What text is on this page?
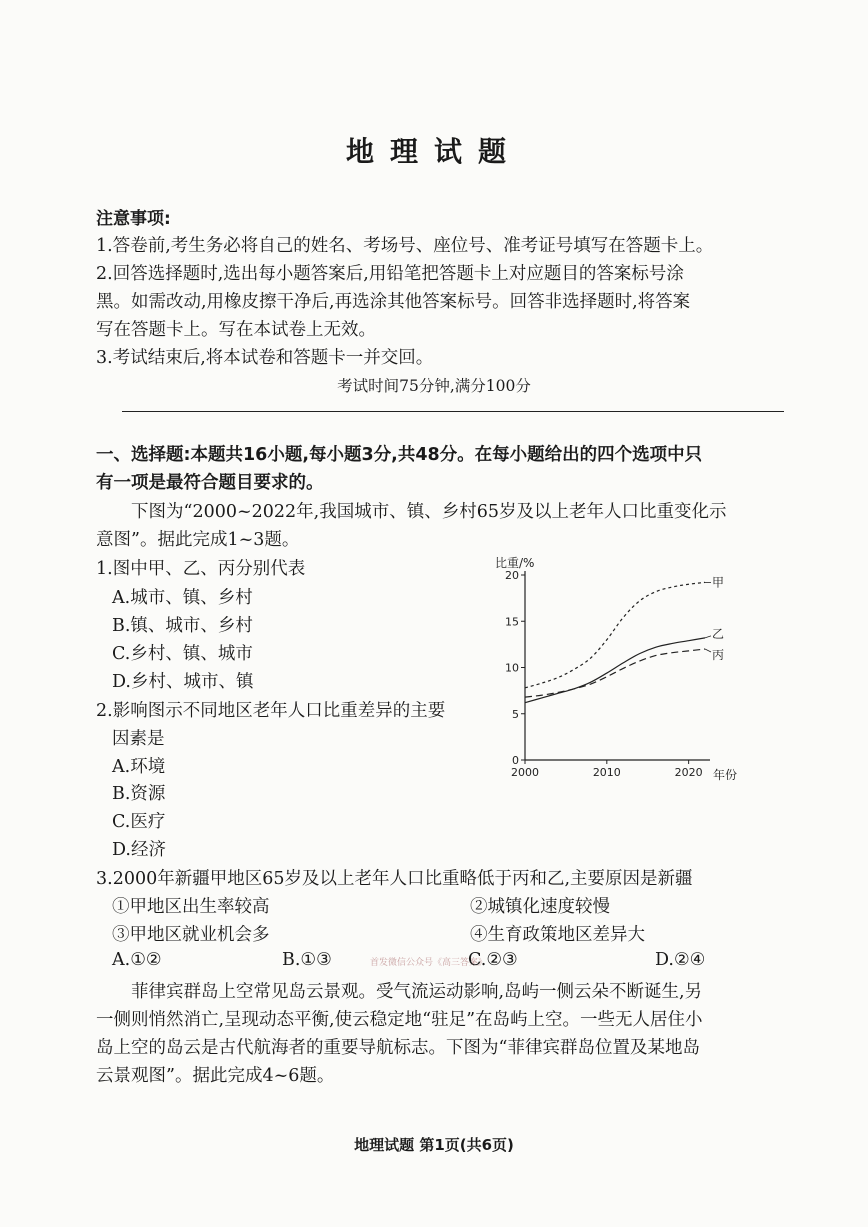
地理试题
注意事项:
1.答卷前,考生务必将自己的姓名、考场号、座位号、准考证号填写在答题卡上。
2.回答选择题时,选出每小题答案后,用铅笔把答题卡上对应题目的答案标号涂
黑。如需改动,用橡皮擦干净后,再选涂其他答案标号。回答非选择题时,将答案
写在答题卡上。写在本试卷上无效。
3.考试结束后,将本试卷和答题卡一并交回。
考试时间75分钟,满分100分
一、选择题:本题共16小题,每小题3分,共48分。在每小题给出的四个选项中只
有一项是最符合题目要求的。
下图为“2000~2022年,我国城市、镇、乡村65岁及以上老年人口比重变化示
意图”。据此完成1~3题。
1.图中甲、乙、丙分别代表
A.城市、镇、乡村
B.镇、城市、乡村
C.乡村、镇、城市
D.乡村、城市、镇
2.影响图示不同地区老年人口比重差异的主要
因素是
A.环境
B.资源
C.医疗
D.经济
3.2000年新疆甲地区65岁及以上老年人口比重略低于丙和乙,主要原因是新疆
①甲地区出生率较高	②城镇化速度较慢
③甲地区就业机会多	④生育政策地区差异大
A.①②	B.①③	首发微信公众号《高三答案》
C.②③	D.②④
菲律宾群岛上空常见岛云景观。受气流运动影响,岛屿一侧云朵不断诞生,另
一侧则悄然消亡,呈现动态平衡,使云稳定地“驻足”在岛屿上空。一些无人居住小
岛上空的岛云是古代航海者的重要导航标志。下图为“菲律宾群岛位置及某地岛
云景观图”。据此完成4~6题。
地理试题 第1页(共6页)
0
5
10
15
20
2000	2010	2020
比重/%
年份
甲
乙
丙
